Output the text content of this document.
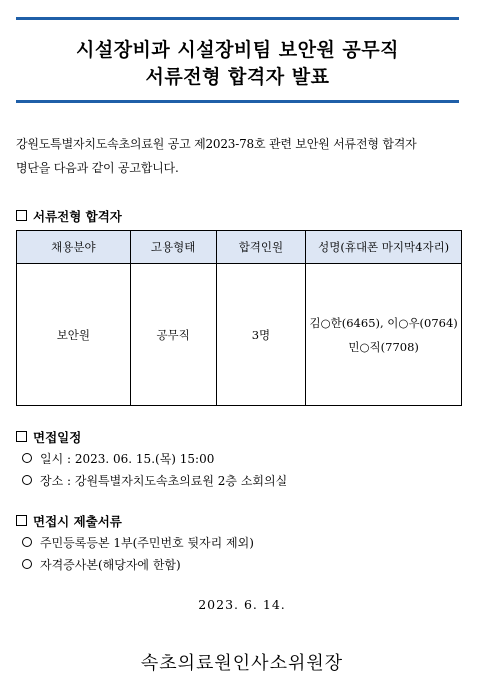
시설장비과 시설장비팀 보안원 공무직
서류전형 합격자 발표
강원도특별자치도속초의료원 공고 제2023-78호 관련 보안원 서류전형 합격자
명단을 다음과 같이 공고합니다.
서류전형 합격자
채용분야	고용형태	합격인원	성명(휴대폰 마지막4자리)
보안원	공무직	3명	김○한(6465), 이○우(0764)
민○직(7708)
면접일정
일시 : 2023. 06. 15.(목) 15:00
장소 : 강원특별자치도속초의료원 2층 소회의실
면접시 제출서류
주민등록등본 1부(주민번호 뒷자리 제외)
자격증사본(해당자에 한함)
2023. 6. 14.
속초의료원인사소위원장
